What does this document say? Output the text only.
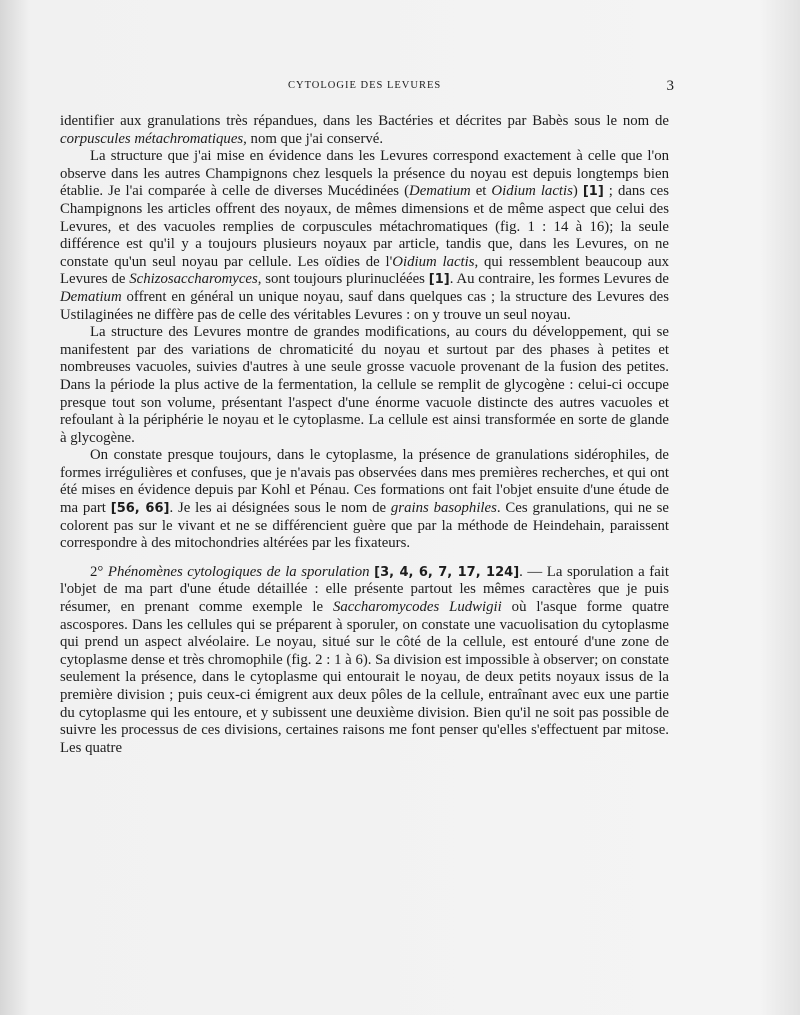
CYTOLOGIE DES LEVURES	3

identifier aux granulations très répandues, dans les Bactéries et décrites par Babès sous le nom de corpuscules métachromatiques, nom que j'ai conservé.

La structure que j'ai mise en évidence dans les Levures correspond exactement à celle que l'on observe dans les autres Champignons chez lesquels la présence du noyau est depuis longtemps bien établie. Je l'ai comparée à celle de diverses Mucédinées (Dematium et Oidium lactis) [1] ; dans ces Champignons les articles offrent des noyaux, de mêmes dimensions et de même aspect que celui des Levures, et des vacuoles remplies de corpuscules métachromatiques (fig. 1 : 14 à 16); la seule différence est qu'il y a toujours plusieurs noyaux par article, tandis que, dans les Levures, on ne constate qu'un seul noyau par cellule. Les oïdies de l'Oidium lactis, qui ressemblent beaucoup aux Levures de Schizosaccharomyces, sont toujours plurinucléées [1]. Au contraire, les formes Levures de Dematium offrent en général un unique noyau, sauf dans quelques cas ; la structure des Levures des Ustilaginées ne diffère pas de celle des véritables Levures : on y trouve un seul noyau.

La structure des Levures montre de grandes modifications, au cours du développement, qui se manifestent par des variations de chromaticité du noyau et surtout par des phases à petites et nombreuses vacuoles, suivies d'autres à une seule grosse vacuole provenant de la fusion des petites. Dans la période la plus active de la fermentation, la cellule se remplit de glycogène : celui-ci occupe presque tout son volume, présentant l'aspect d'une énorme vacuole distincte des autres vacuoles et refoulant à la périphérie le noyau et le cytoplasme. La cellule est ainsi transformée en sorte de glande à glycogène.

On constate presque toujours, dans le cytoplasme, la présence de granulations sidérophiles, de formes irrégulières et confuses, que je n'avais pas observées dans mes premières recherches, et qui ont été mises en évidence depuis par Kohl et Pénau. Ces formations ont fait l'objet ensuite d'une étude de ma part [56, 66]. Je les ai désignées sous le nom de grains basophiles. Ces granulations, qui ne se colorent pas sur le vivant et ne se différencient guère que par la méthode de Heindehain, paraissent correspondre à des mitochondries altérées par les fixateurs.

2° Phénomènes cytologiques de la sporulation [3, 4, 6, 7, 17, 124]. — La sporulation a fait l'objet de ma part d'une étude détaillée : elle présente partout les mêmes caractères que je puis résumer, en prenant comme exemple le Saccharomycodes Ludwigii où l'asque forme quatre ascospores. Dans les cellules qui se préparent à sporuler, on constate une vacuolisation du cytoplasme qui prend un aspect alvéolaire. Le noyau, situé sur le côté de la cellule, est entouré d'une zone de cytoplasme dense et très chromophile (fig. 2 : 1 à 6). Sa division est impossible à observer; on constate seulement la présence, dans le cytoplasme qui entourait le noyau, de deux petits noyaux issus de la première division ; puis ceux-ci émigrent aux deux pôles de la cellule, entraînant avec eux une partie du cytoplasme qui les entoure, et y subissent une deuxième division. Bien qu'il ne soit pas possible de suivre les processus de ces divisions, certaines raisons me font penser qu'elles s'effectuent par mitose. Les quatre
